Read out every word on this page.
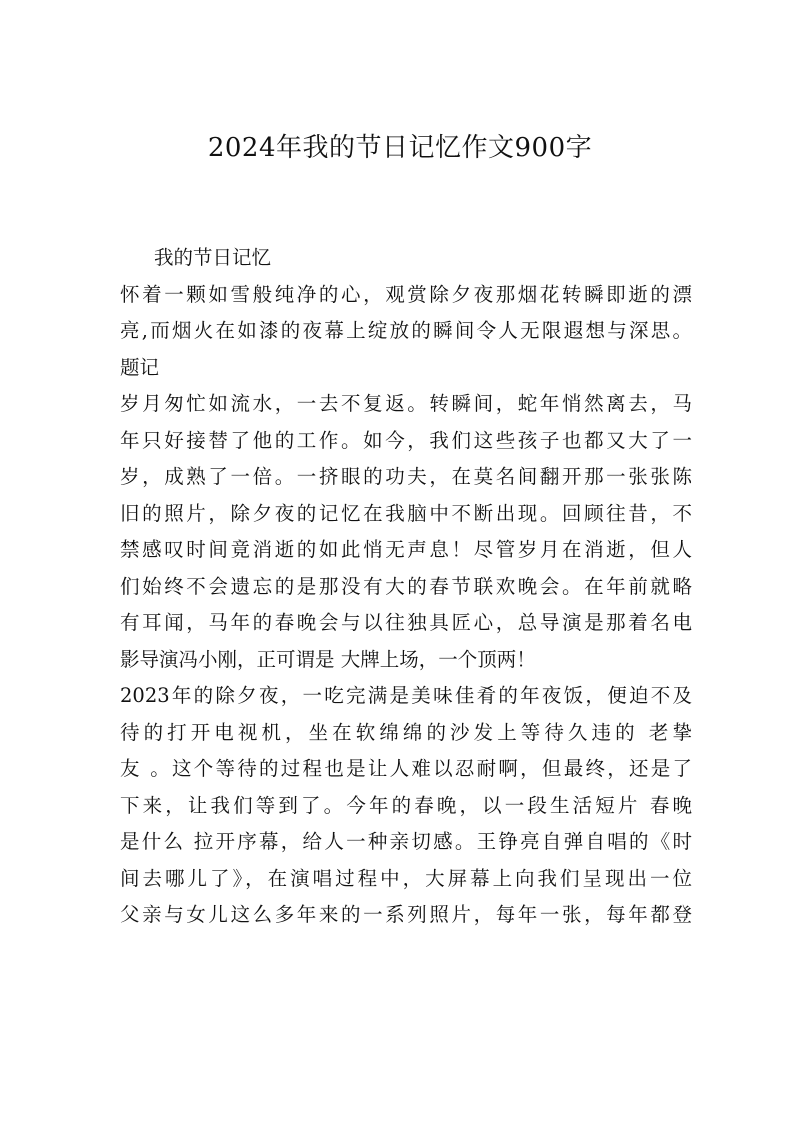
2024年我的节日记忆作文900字
我的节日记忆
怀着一颗如雪般纯净的心，观赏除夕夜那烟花转瞬即逝的漂
亮,而烟火在如漆的夜幕上绽放的瞬间令人无限遐想与深思。
题记
岁月匆忙如流水，一去不复返。转瞬间，蛇年悄然离去，马
年只好接替了他的工作。如今，我们这些孩子也都又大了一
岁，成熟了一倍。一挤眼的功夫，在莫名间翻开那一张张陈
旧的照片，除夕夜的记忆在我脑中不断出现。回顾往昔，不
禁感叹时间竟消逝的如此悄无声息！尽管岁月在消逝，但人
们始终不会遗忘的是那没有大的春节联欢晚会。在年前就略
有耳闻，马年的春晚会与以往独具匠心，总导演是那着名电
影导演冯小刚，正可谓是 大牌上场，一个顶两！
2023年的除夕夜，一吃完满是美味佳肴的年夜饭，便迫不及
待的打开电视机，坐在软绵绵的沙发上等待久违的 老挚
友 。这个等待的过程也是让人难以忍耐啊，但最终，还是了
下来，让我们等到了。今年的春晚，以一段生活短片 春晚
是什么 拉开序幕，给人一种亲切感。王铮亮自弹自唱的《时
间去哪儿了》，在演唱过程中，大屏幕上向我们呈现出一位
父亲与女儿这么多年来的一系列照片，每年一张，每年都登
